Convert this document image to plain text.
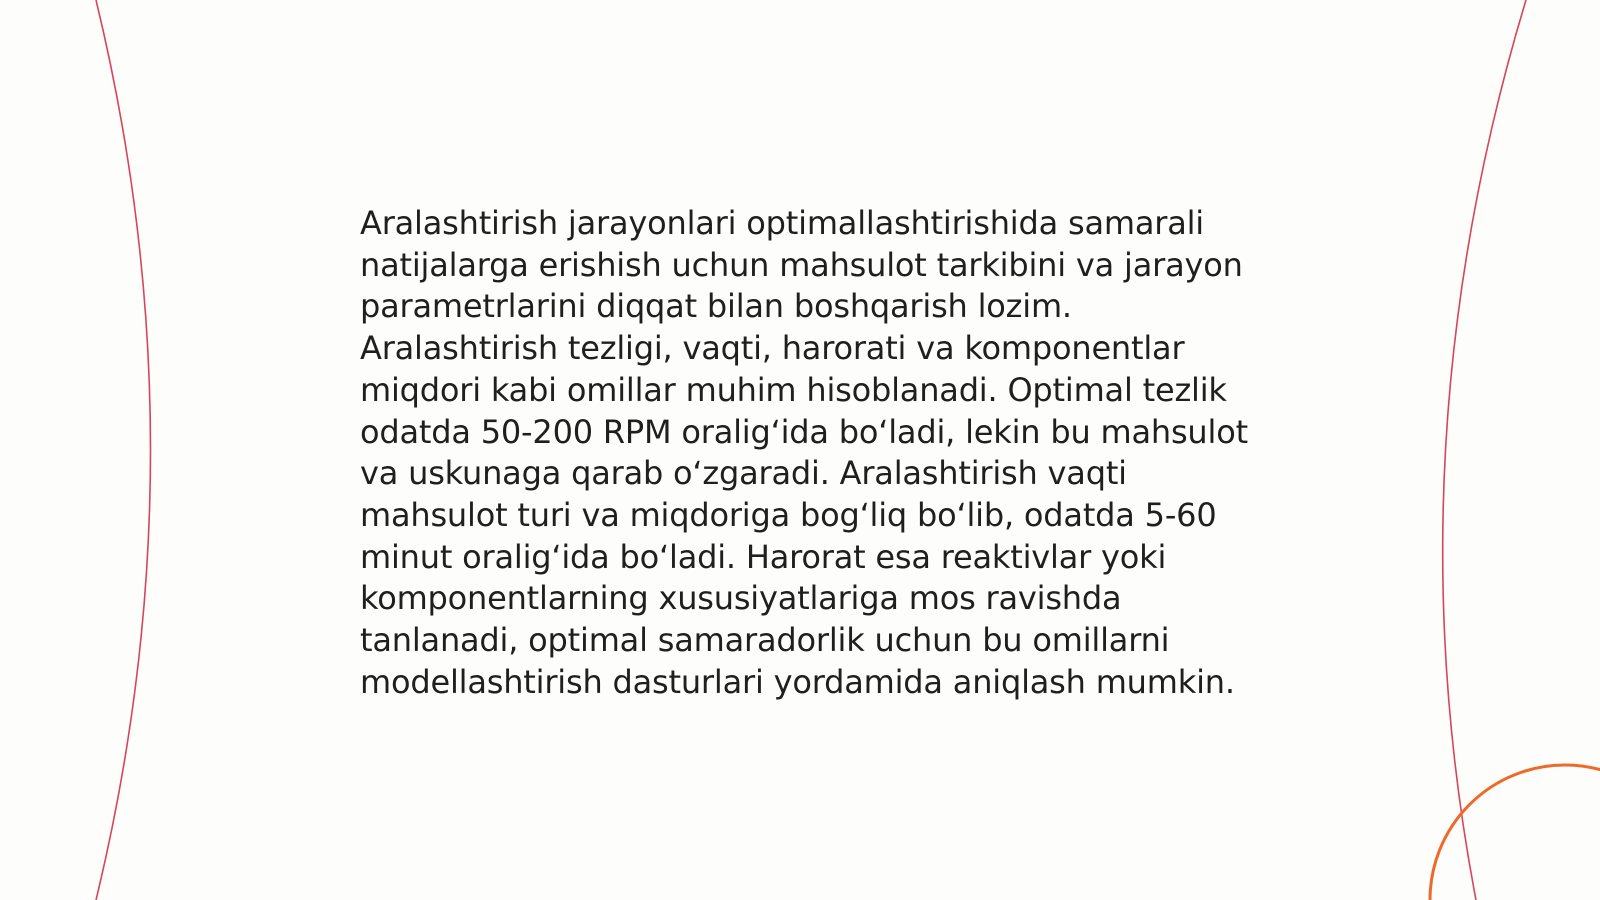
Aralashtirish jarayonlari optimallashtirishida samarali natijalarga erishish uchun mahsulot tarkibini va jarayon parametrlarini diqqat bilan boshqarish lozim. Aralashtirish tezligi, vaqti, harorati va komponentlar miqdori kabi omillar muhim hisoblanadi. Optimal tezlik odatda 50-200 RPM oralig‘ida bo‘ladi, lekin bu mahsulot va uskunaga qarab o‘zgaradi. Aralashtirish vaqti mahsulot turi va miqdoriga bog‘liq bo‘lib, odatda 5-60 minut oralig‘ida bo‘ladi. Harorat esa reaktivlar yoki komponentlarning xususiyatlariga mos ravishda tanlanadi, optimal samaradorlik uchun bu omillarni modellashtirish dasturlari yordamida aniqlash mumkin.
